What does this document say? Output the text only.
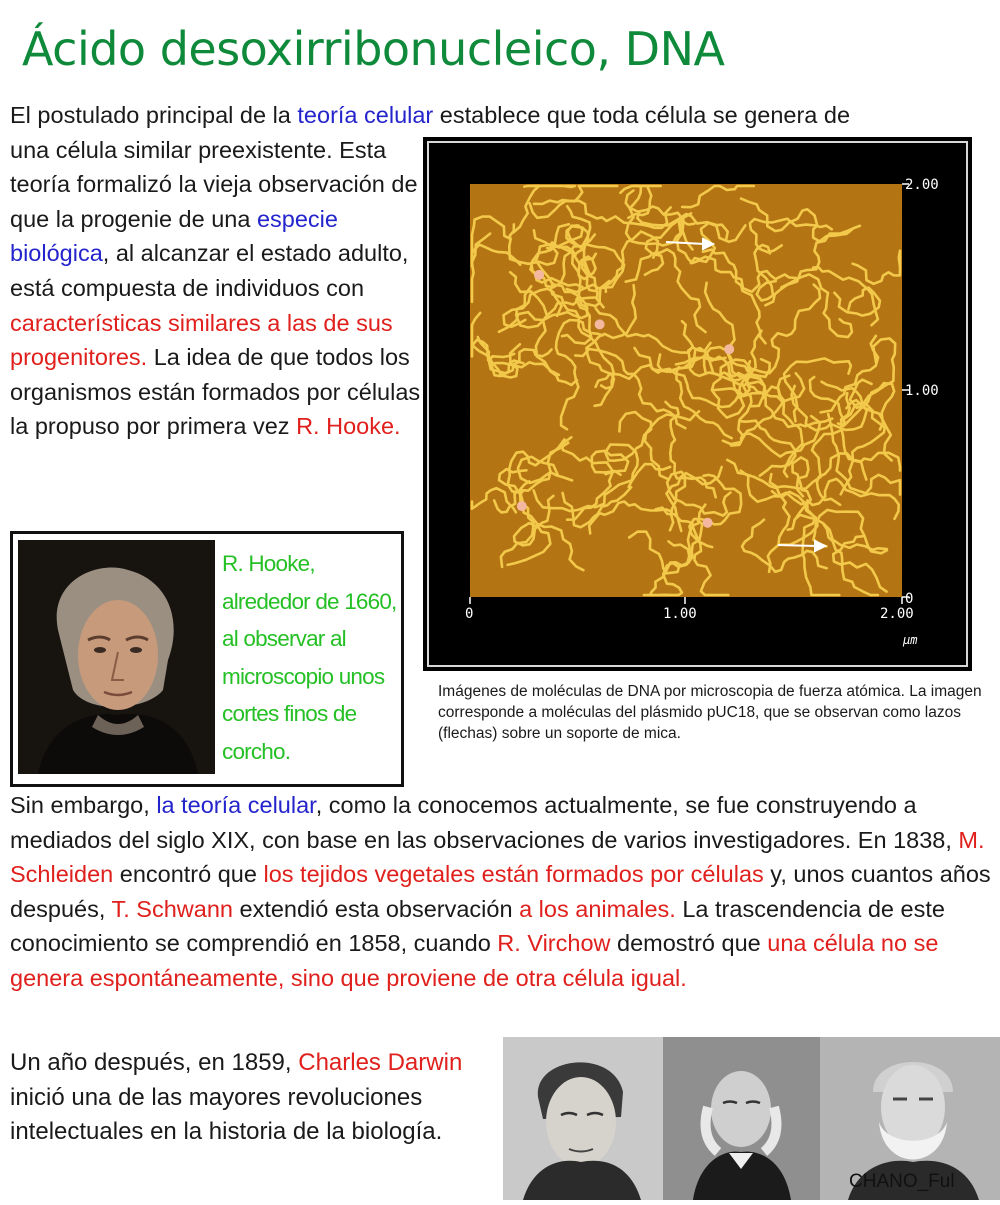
Ácido desoxirribonucleico, DNA

El postulado principal de la teoría celular establece que toda célula se genera de
una célula similar preexistente. Esta teoría formalizó la vieja observación de que la progenie de una especie biológica, al alcanzar el estado adulto, está compuesta de individuos con características similares a las de sus progenitores. La idea de que todos los organismos están formados por células la propuso por primera vez R. Hooke.

2.00
1.00
0
0	1.00	2.00
μm

Imágenes de moléculas de DNA por microscopia de fuerza atómica. La imagen corresponde a moléculas del plásmido pUC18, que se observan como lazos (flechas) sobre un soporte de mica.

R. Hooke, alrededor de 1660, al observar al microscopio unos cortes finos de corcho.

Sin embargo, la teoría celular, como la conocemos actualmente, se fue construyendo a mediados del siglo XIX, con base en las observaciones de varios investigadores. En 1838, M. Schleiden encontró que los tejidos vegetales están formados por células y, unos cuantos años después, T. Schwann extendió esta observación a los animales. La trascendencia de este conocimiento se comprendió en 1858, cuando R. Virchow demostró que una célula no se genera espontáneamente, sino que proviene de otra célula igual.

Un año después, en 1859, Charles Darwin inició una de las mayores revoluciones intelectuales en la historia de la biología.

CHANO_Ful
